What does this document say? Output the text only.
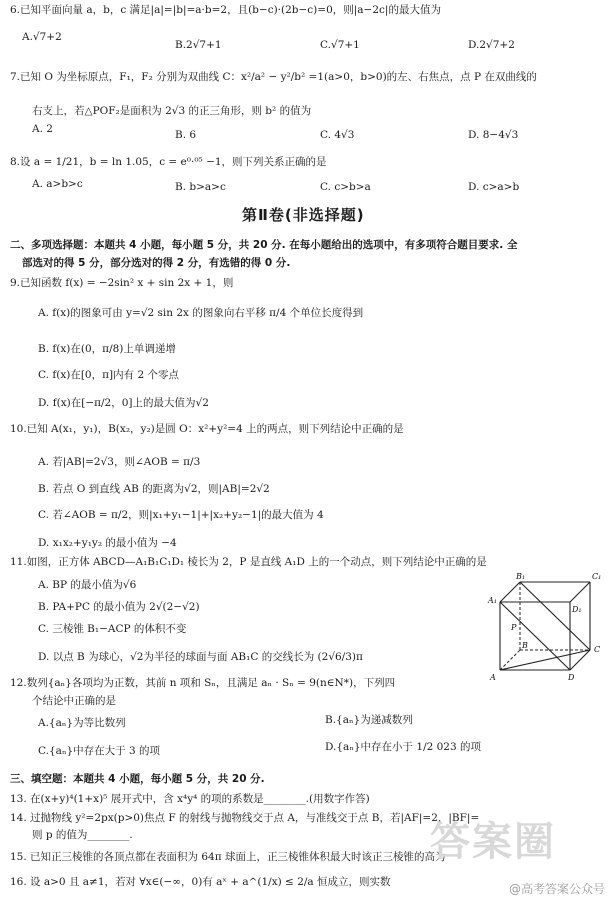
6.已知平面向量 a，b，c 满足|a|=|b|=a·b=2，且(b−c)·(2b−c)=0，则|a−2c|的最大值为
A.√7+2
B.2√7+1	C.√7+1	D.2√7+2
7.已知 O 为坐标原点，F₁，F₂ 分别为双曲线 C：x²/a² − y²/b² =1(a>0，b>0)的左、右焦点，点 P 在双曲线的
右支上，若△POF₂是面积为 2√3 的正三角形，则 b² 的值为
A. 2	B. 6	C. 4√3	D. 8−4√3
8.设 a = 1/21，b = ln 1.05，c = e⁰·⁰⁵ −1，则下列关系正确的是
A. a>b>c	B. b>a>c	C. c>b>a	D. c>a>b
第Ⅱ卷(非选择题)
二、多项选择题：本题共 4 小题，每小题 5 分，共 20 分. 在每小题给出的选项中，有多项符合题目要求. 全
部选对的得 5 分，部分选对的得 2 分，有选错的得 0 分.
9.已知函数 f(x) = −2sin² x + sin 2x + 1，则
A. f(x)的图象可由 y=√2 sin 2x 的图象向右平移 π/4 个单位长度得到
B. f(x)在(0，π/8)上单调递增
C. f(x)在[0，π]内有 2 个零点
D. f(x)在[−π/2，0]上的最大值为√2
10.已知 A(x₁，y₁)，B(x₂，y₂)是圆 O：x²+y²=4 上的两点，则下列结论中正确的是
A. 若|AB|=2√3，则∠AOB = π/3
B. 若点 O 到直线 AB 的距离为√2，则|AB|=2√2
C. 若∠AOB = π/2，则|x₁+y₁−1|+|x₂+y₂−1|的最大值为 4
D. x₁x₂+y₁y₂ 的最小值为 −4
11.如图，正方体 ABCD—A₁B₁C₁D₁ 棱长为 2，P 是直线 A₁D 上的一个动点，则下列结论中正确的是
A. BP 的最小值为√6
B. PA+PC 的最小值为 2√(2−√2)
C. 三棱锥 B₁−ACP 的体积不变
D. 以点 B 为球心，√2为半径的球面与面 AB₁C 的交线长为 (2√6/3)π
B₁	C₁
A₁
D₁
P
B	C
A	D
12.数列{aₙ}各项均为正数，其前 n 项和 Sₙ，且满足 aₙ · Sₙ = 9(n∈N*)，下列四
个结论中正确的是
A.{aₙ}为等比数列	B.{aₙ}为递减数列
C.{aₙ}中存在大于 3 的项	D.{aₙ}中存在小于 1/2 023 的项
三、填空题：本题共 4 小题，每小题 5 分，共 20 分.
13. 在(x+y)⁴(1+x)⁵ 展开式中，含 x⁴y⁴ 的项的系数是________.(用数字作答)
14. 过抛物线 y²=2px(p>0)焦点 F 的射线与抛物线交于点 A，与准线交于点 B，若|AF|=2，|BF|=
则 p 的值为________.
15. 已知正三棱锥的各顶点都在表面积为 64π 球面上，正三棱锥体积最大时该正三棱锥的高为
16. 设 a>0 且 a≠1，若对 ∀x∈(−∞，0)有 aˣ + a^(1/x) ≤ 2/a 恒成立，则实数
答案圈
@高考答案公众号
